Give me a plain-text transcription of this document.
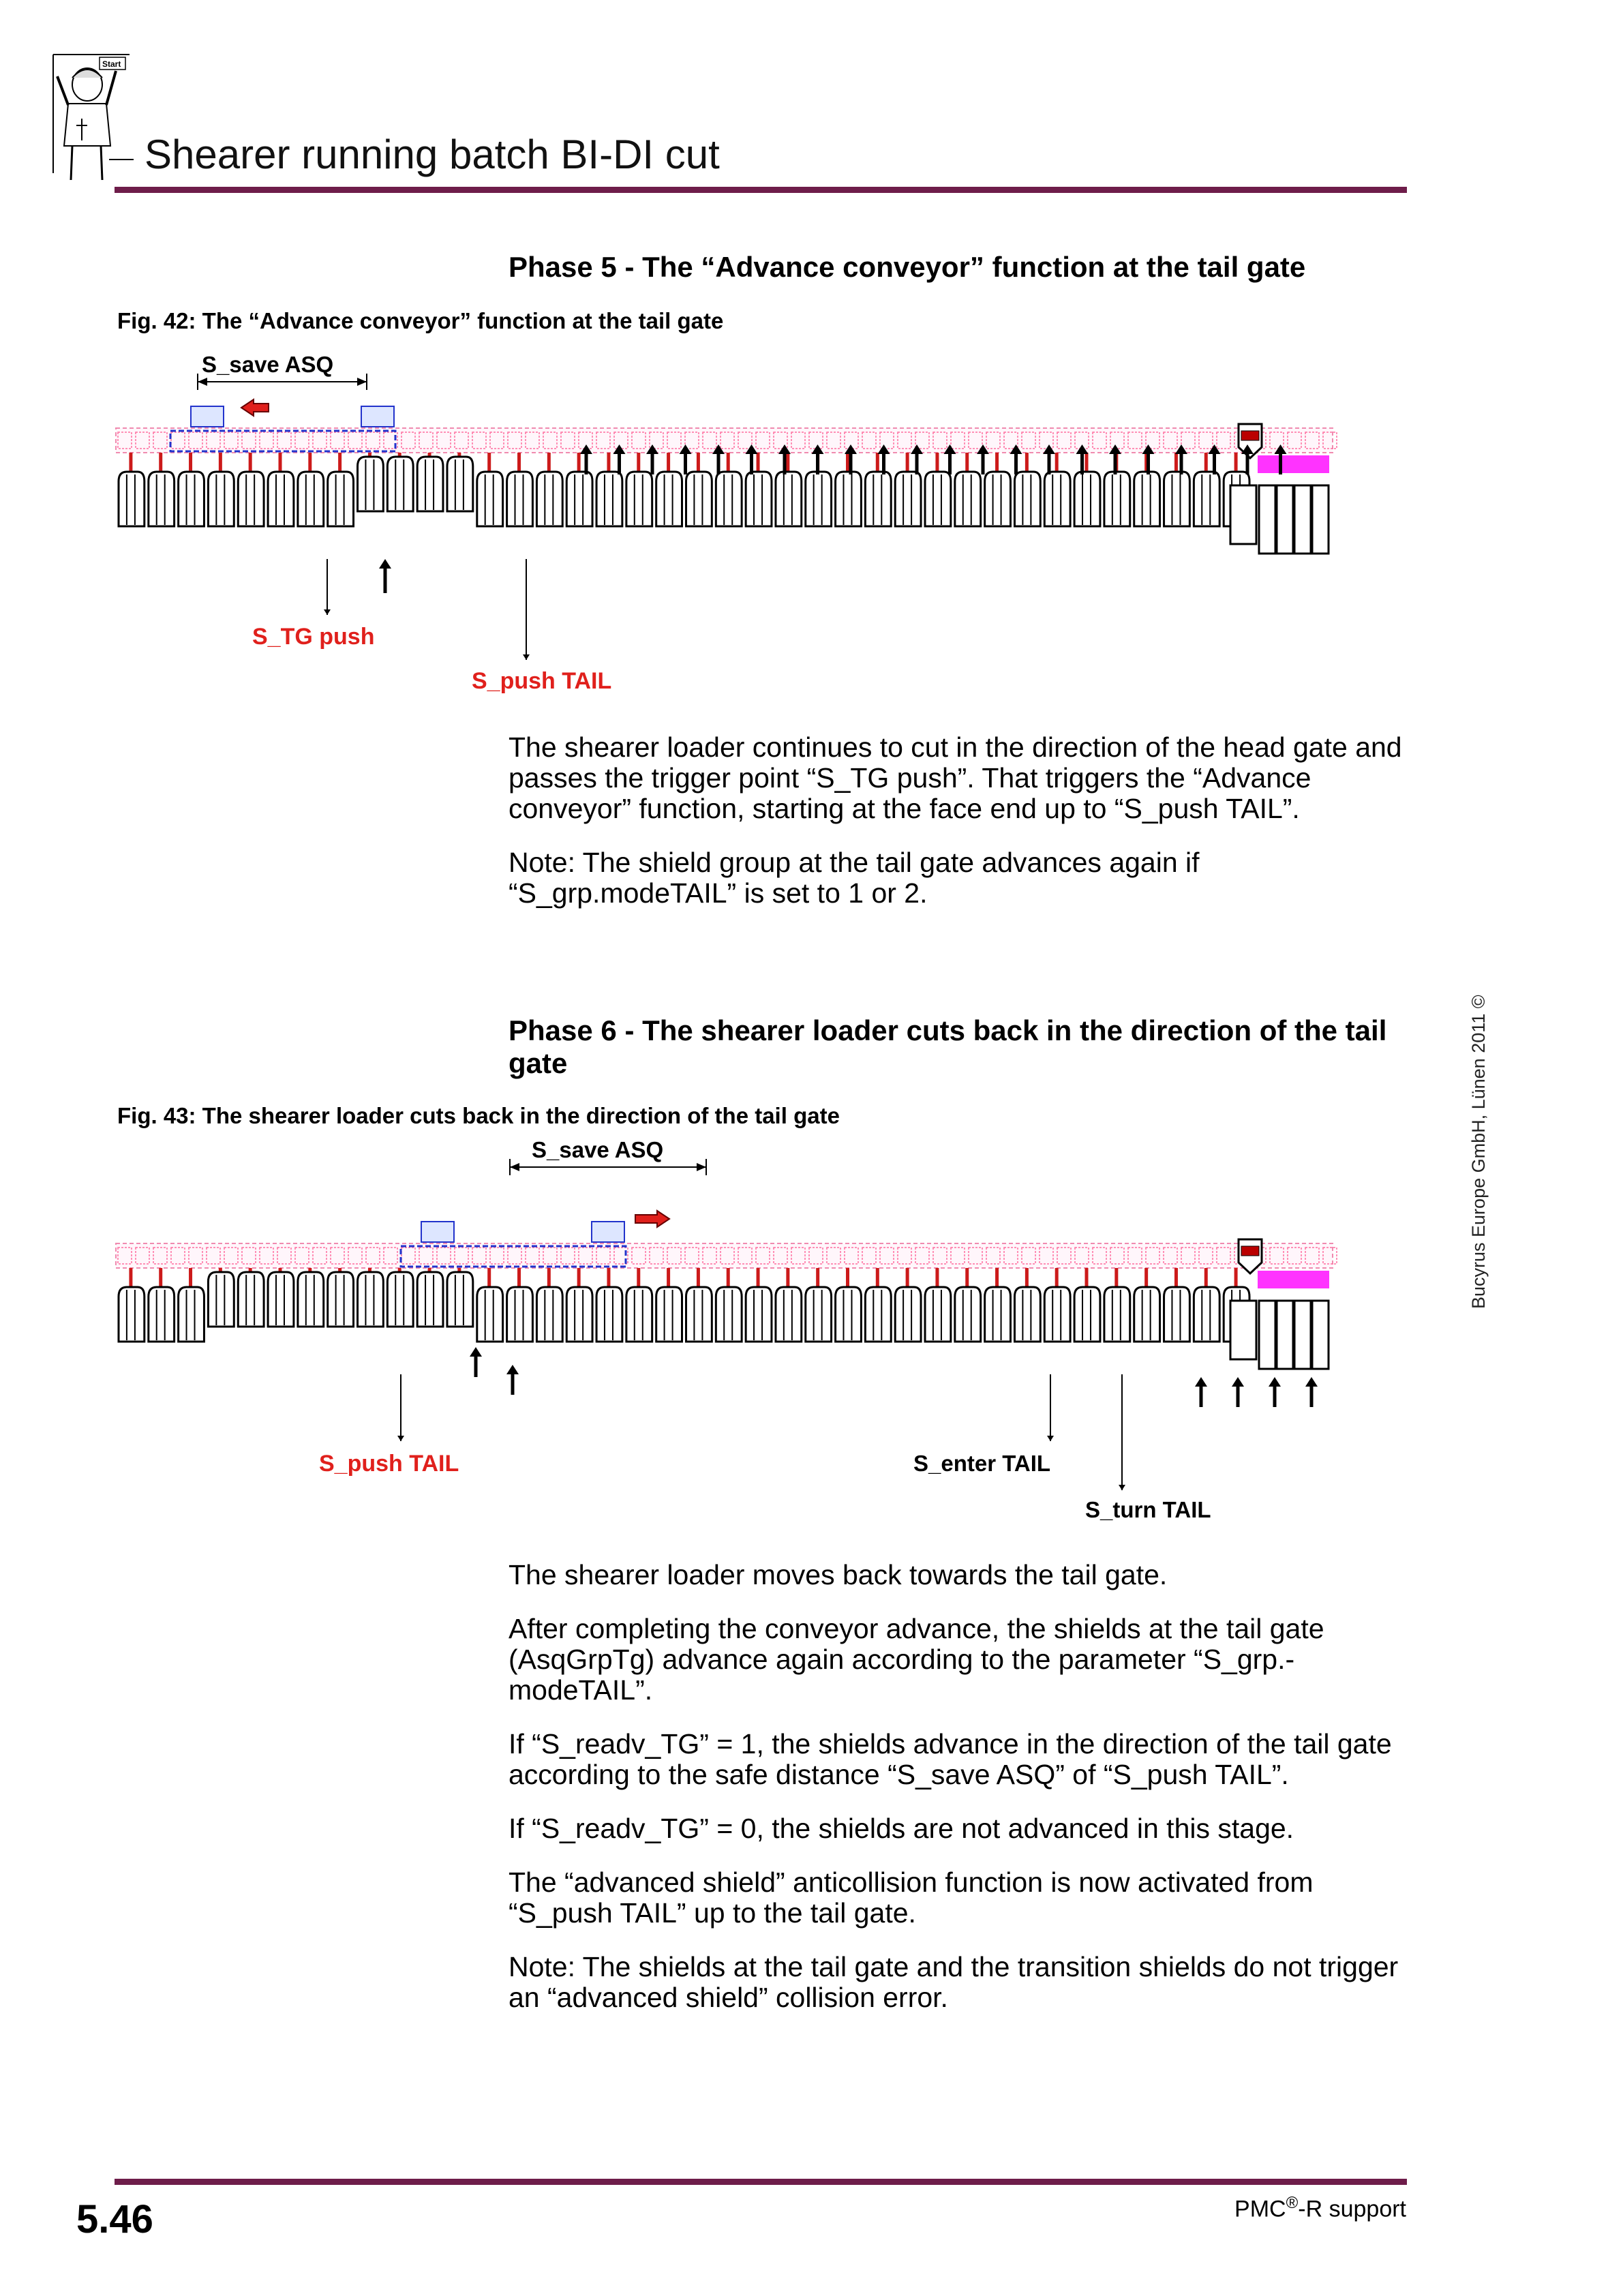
Start
Shearer running batch BI-DI cut
Phase 5 - The “Advance conveyor” function at the tail gate
Fig. 42: The “Advance conveyor” function at the tail gate
S_save ASQ
S_TG push
S_push TAIL

The shearer loader continues to cut in the direction of the head gate and passes the trigger point “S_TG push”. That triggers the “Advance conveyor” function, starting at the face end up to “S_push TAIL”.

Note: The shield group at the tail gate advances again if “S_grp.modeTAIL” is set to 1 or 2.

Phase 6 - The shearer loader cuts back in the direction of the tail gate
Fig. 43: The shearer loader cuts back in the direction of the tail gate
S_save ASQ
S_push TAIL	S_enter TAIL
S_turn TAIL

The shearer loader moves back towards the tail gate.

After completing the conveyor advance, the shields at the tail gate (AsqGrpTg) advance again according to the parameter “S_grp.-modeTAIL”.

If “S_readv_TG” = 1, the shields advance in the direction of the tail gate according to the safe distance “S_save ASQ” of “S_push TAIL”.

If “S_readv_TG” = 0, the shields are not advanced in this stage.

The “advanced shield” anticollision function is now activated from “S_push TAIL” up to the tail gate.

Note: The shields at the tail gate and the transition shields do not trigger an “advanced shield” collision error.

Bucyrus Europe GmbH, Lünen 2011 ©
5.46	PMC®-R support
